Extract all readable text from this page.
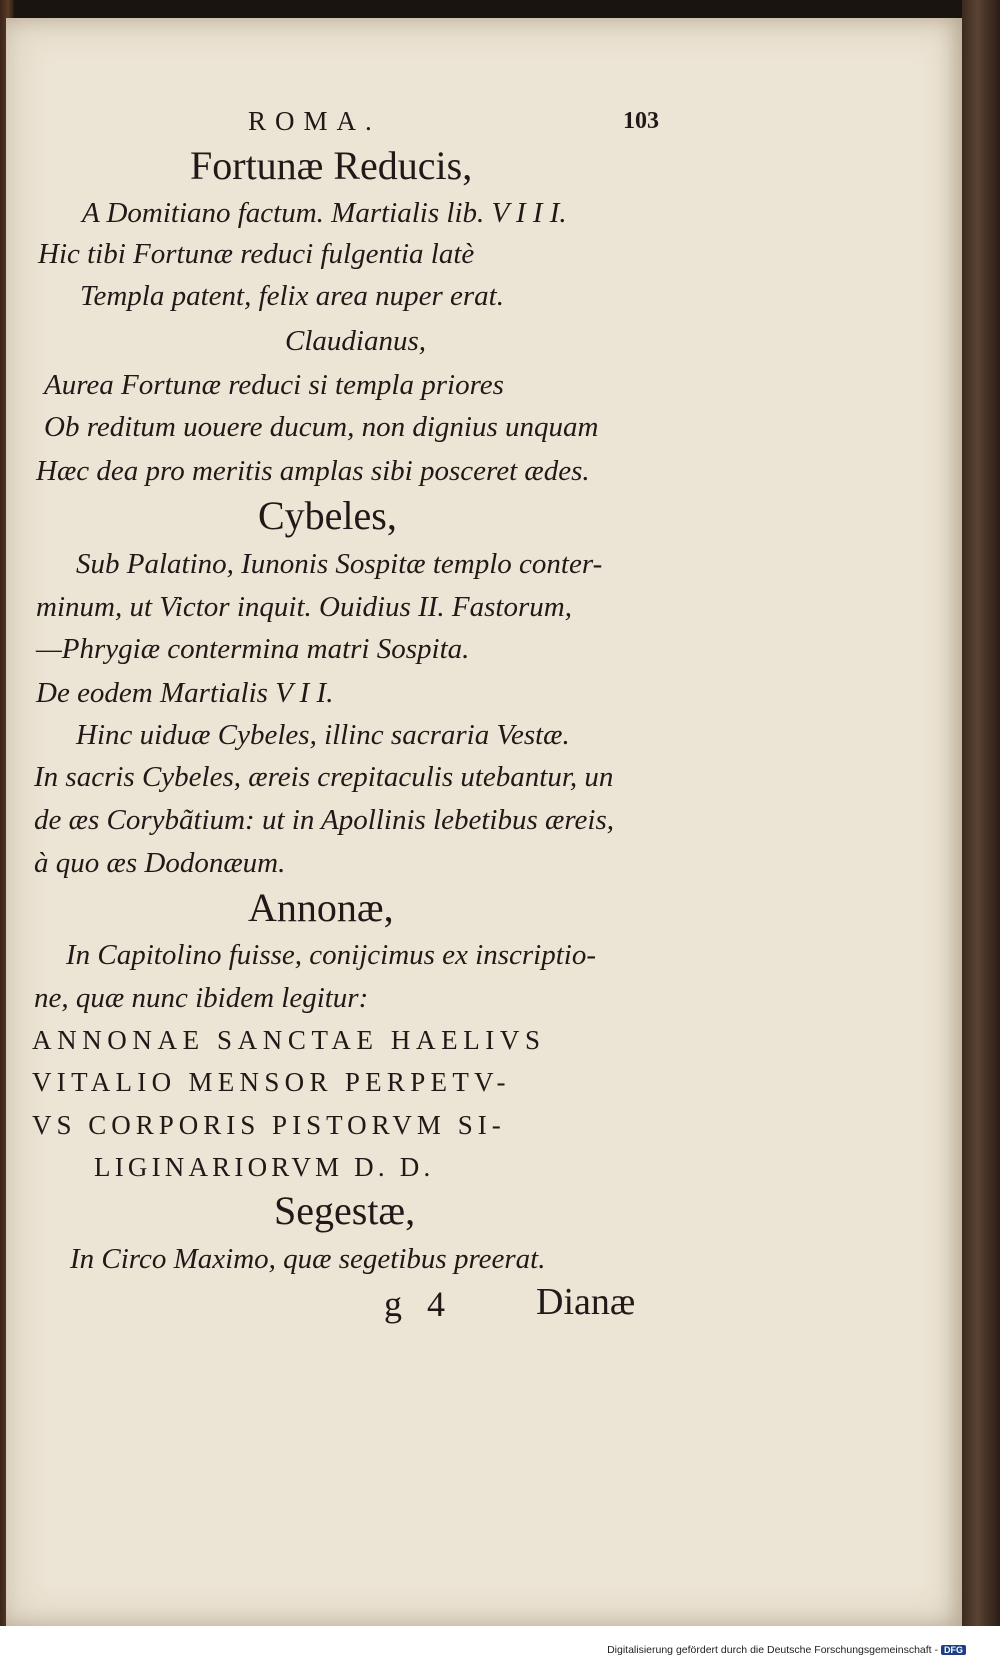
ROMA.	103
Fortunæ Reducis,
A Domitiano factum. Martialis lib. V I I I.
Hic tibi Fortunæ reduci fulgentia latè
Templa patent, felix area nuper erat.
Claudianus,
Aurea Fortunæ reduci si templa priores
Ob reditum uouere ducum, non dignius unquam
Hæc dea pro meritis amplas sibi posceret ædes.
Cybeles,
Sub Palatino, Iunonis Sospitæ templo conter-
minum, ut Victor inquit. Ouidius II. Fastorum,
—Phrygiæ contermina matri Sospita.
De eodem Martialis V I I.
Hinc uiduæ Cybeles, illinc sacraria Vestæ.
In sacris Cybeles, æreis crepitaculis utebantur, un
de æs Corybãtium: ut in Apollinis lebetibus æreis,
à quo æs Dodonæum.
Annonæ,
In Capitolino fuisse, conijcimus ex inscriptio-
ne, quæ nunc ibidem legitur:
ANNONAE SANCTAE HAELIVS
VITALIO MENSOR PERPETV-
VS CORPORIS PISTORVM SI-
LIGINARIORVM D. D.
Segestæ,
In Circo Maximo, quæ segetibus preerat.
g 4 Dianæ
Digitalisierung gefördert durch die Deutsche Forschungsgemeinschaft - DFG
